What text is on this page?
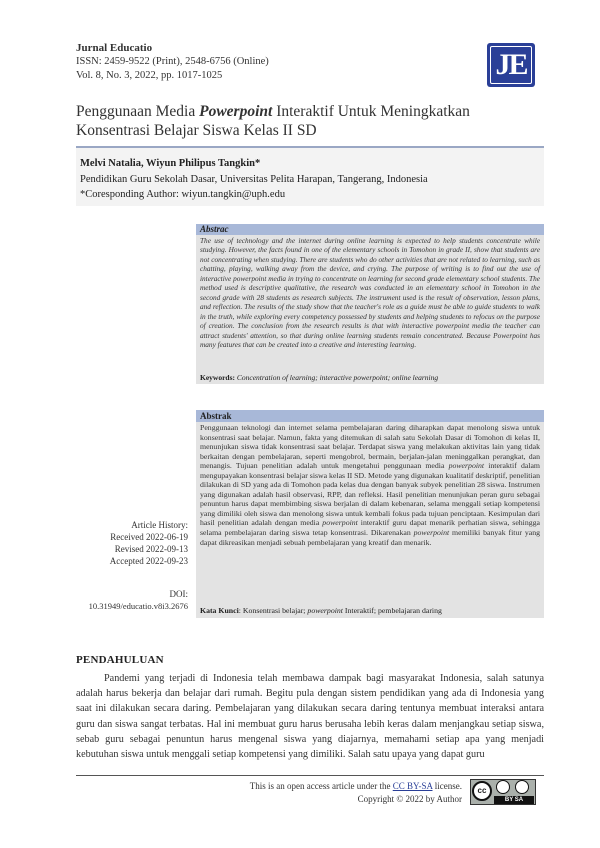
Jurnal Educatio
ISSN: 2459-9522 (Print), 2548-6756 (Online)
Vol. 8, No. 3, 2022, pp. 1017-1025	JE
Penggunaan Media Powerpoint Interaktif Untuk Meningkatkan Konsentrasi Belajar Siswa Kelas II SD
Melvi Natalia, Wiyun Philipus Tangkin*
Pendidikan Guru Sekolah Dasar, Universitas Pelita Harapan, Tangerang, Indonesia
*Coresponding Author: wiyun.tangkin@uph.edu
Abstrac
The use of technology and the internet during online learning is expected to help students concentrate while studying. However, the facts found in one of the elementary schools in Tomohon in grade II, show that students are not concentrating when studying. There are students who do other activities that are not related to learning, such as chatting, playing, walking away from the device, and crying. The purpose of writing is to find out the use of interactive powerpoint media in trying to concentrate on learning for second grade elementary school students. The method used is descriptive qualitative, the research was conducted in an elementary school in Tomohon in the second grade with 28 students as research subjects. The instrument used is the result of observation, lesson plans, and reflection. The results of the study show that the teacher's role as a guide must be able to guide students to walk in the truth, while exploring every competency possessed by students and helping students to refocus on the purpose of creation. The conclusion from the research results is that with interactive powerpoint media the teacher can attract students' attention, so that during online learning students remain concentrated. Because Powerpoint has many features that can be created into a creative and interesting learning.
Keywords: Concentration of learning; interactive powerpoint; online learning
Abstrak
Penggunaan teknologi dan internet selama pembelajaran daring diharapkan dapat menolong siswa untuk konsentrasi saat belajar. Namun, fakta yang ditemukan di salah satu Sekolah Dasar di Tomohon di kelas II, menunjukan siswa tidak konsentrasi saat belajar. Terdapat siswa yang melakukan aktivitas lain yang tidak berkaitan dengan pembelajaran, seperti mengobrol, bermain, berjalan-jalan meninggalkan perangkat, dan menangis. Tujuan penelitian adalah untuk mengetahui penggunaan media powerpoint interaktif dalam mengupayakan konsentrasi belajar siswa kelas II SD. Metode yang digunakan kualitatif deskriptif, penelitian dilakukan di SD yang ada di Tomohon pada kelas dua dengan banyak subyek penelitian 28 siswa. Instrumen yang digunakan adalah hasil observasi, RPP, dan refleksi. Hasil penelitian menunjukan peran guru sebagai penuntun harus dapat membimbing siswa berjalan di dalam kebenaran, selama menggali setiap kompetensi yang dimiliki oleh siswa dan menolong siswa untuk kembali fokus pada tujuan penciptaan. Kesimpulan dari hasil penelitian adalah dengan media powerpoint interaktif guru dapat menarik perhatian siswa, sehingga selama pembelajaran daring siswa tetap konsentrasi. Dikarenakan powerpoint memiliki banyak fitur yang dapat dikreasikan menjadi sebuah pembelajaran yang kreatif dan menarik.
Kata Kunci: Konsentrasi belajar; powerpoint Interaktif; pembelajaran daring
Article History:
Received 2022-06-19
Revised 2022-09-13
Accepted 2022-09-23
DOI:
10.31949/educatio.v8i3.2676
PENDAHULUAN
Pandemi yang terjadi di Indonesia telah membawa dampak bagi masyarakat Indonesia, salah satunya adalah harus bekerja dan belajar dari rumah. Begitu pula dengan sistem pendidikan yang ada di Indonesia yang saat ini dilakukan secara daring. Pembelajaran yang dilakukan secara daring tentunya membuat interaksi antara guru dan siswa sangat terbatas. Hal ini membuat guru harus berusaha lebih keras dalam menjangkau setiap siswa, sebab guru sebagai penuntun harus mengenal siswa yang diajarnya, memahami setiap apa yang menjadi kebutuhan siswa untuk menggali setiap kompetensi yang dimiliki. Salah satu upaya yang dapat guru
This is an open access article under the CC BY-SA license.
Copyright © 2022 by Author
cc
BY SA
